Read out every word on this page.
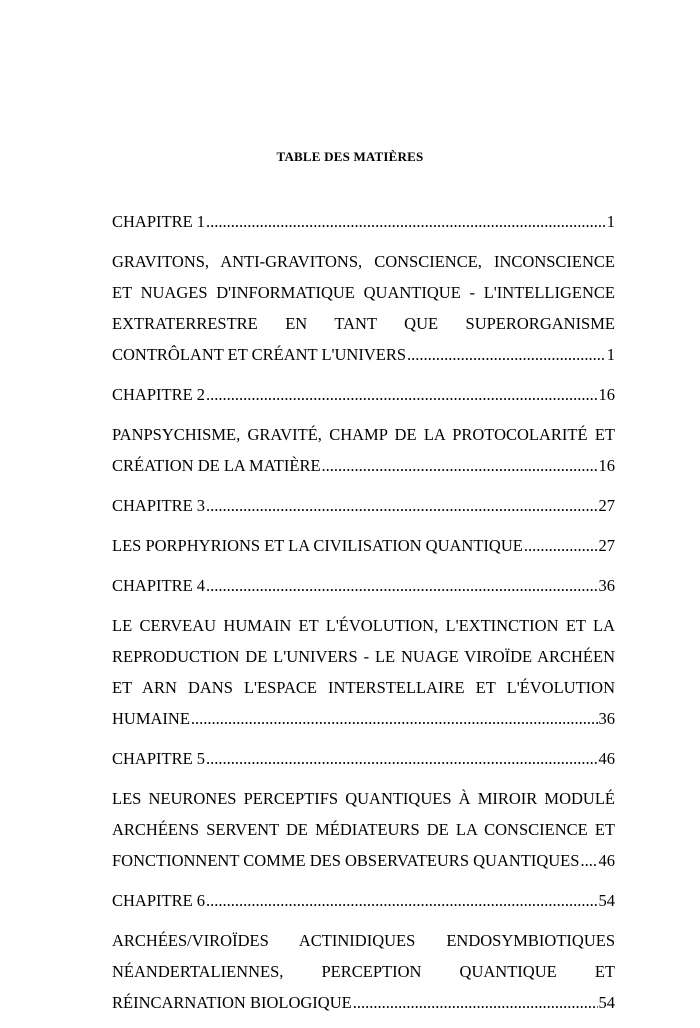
TABLE DES MATIÈRES
CHAPITRE 1 .....	1
GRAVITONS, ANTI-GRAVITONS, CONSCIENCE, INCONSCIENCE
ET NUAGES D'INFORMATIQUE QUANTIQUE - L'INTELLIGENCE
EXTRATERRESTRE EN TANT QUE SUPERORGANISME
CONTRÔLANT ET CRÉANT L'UNIVERS .....	1
CHAPITRE 2 .....	16
PANPSYCHISME, GRAVITÉ, CHAMP DE LA PROTOCOLARITÉ ET
CRÉATION DE LA MATIÈRE .....	16
CHAPITRE 3 .....	27
LES PORPHYRIONS ET LA CIVILISATION QUANTIQUE .....	27
CHAPITRE 4 .....	36
LE CERVEAU HUMAIN ET L'ÉVOLUTION, L'EXTINCTION ET LA
REPRODUCTION DE L'UNIVERS - LE NUAGE VIROÏDE ARCHÉEN
ET ARN DANS L'ESPACE INTERSTELLAIRE ET L'ÉVOLUTION
HUMAINE .....	36
CHAPITRE 5 .....	46
LES NEURONES PERCEPTIFS QUANTIQUES À MIROIR MODULÉ
ARCHÉENS SERVENT DE MÉDIATEURS DE LA CONSCIENCE ET
FONCTIONNENT COMME DES OBSERVATEURS QUANTIQUES ..... 46
CHAPITRE 6 .....	54
ARCHÉES/VIROÏDES ACTINIDIQUES ENDOSYMBIOTIQUES
NÉANDERTALIENNES, PERCEPTION QUANTIQUE ET
RÉINCARNATION BIOLOGIQUE .....	54
